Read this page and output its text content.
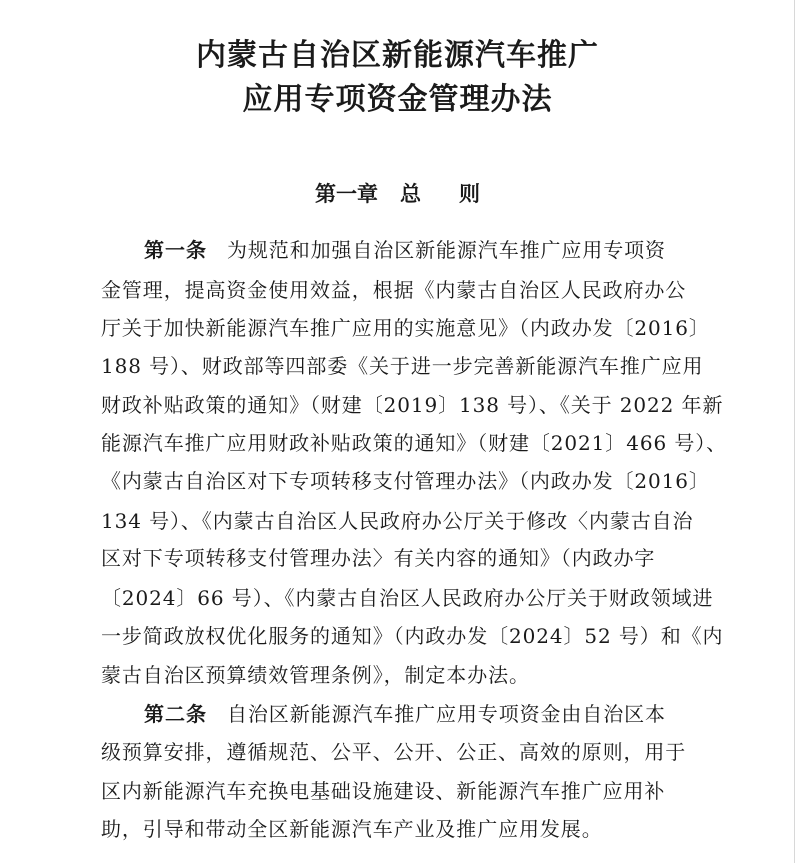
内蒙古自治区新能源汽车推广
应用专项资金管理办法
第一章 总 则
第一条 为规范和加强自治区新能源汽车推广应用专项资
金管理，提高资金使用效益，根据《内蒙古自治区人民政府办公
厅关于加快新能源汽车推广应用的实施意见》（内政办发〔2016〕
188 号）、财政部等四部委《关于进一步完善新能源汽车推广应用
财政补贴政策的通知》（财建〔2019〕138 号）、《关于 2022 年新
能源汽车推广应用财政补贴政策的通知》（财建〔2021〕466 号）、
《内蒙古自治区对下专项转移支付管理办法》（内政办发〔2016〕
134 号）、《内蒙古自治区人民政府办公厅关于修改〈内蒙古自治
区对下专项转移支付管理办法〉有关内容的通知》（内政办字
〔2024〕66 号）、《内蒙古自治区人民政府办公厅关于财政领域进
一步简政放权优化服务的通知》（内政办发〔2024〕52 号）和《内
蒙古自治区预算绩效管理条例》，制定本办法。
第二条 自治区新能源汽车推广应用专项资金由自治区本
级预算安排，遵循规范、公平、公开、公正、高效的原则，用于
区内新能源汽车充换电基础设施建设、新能源汽车推广应用补
助，引导和带动全区新能源汽车产业及推广应用发展。
